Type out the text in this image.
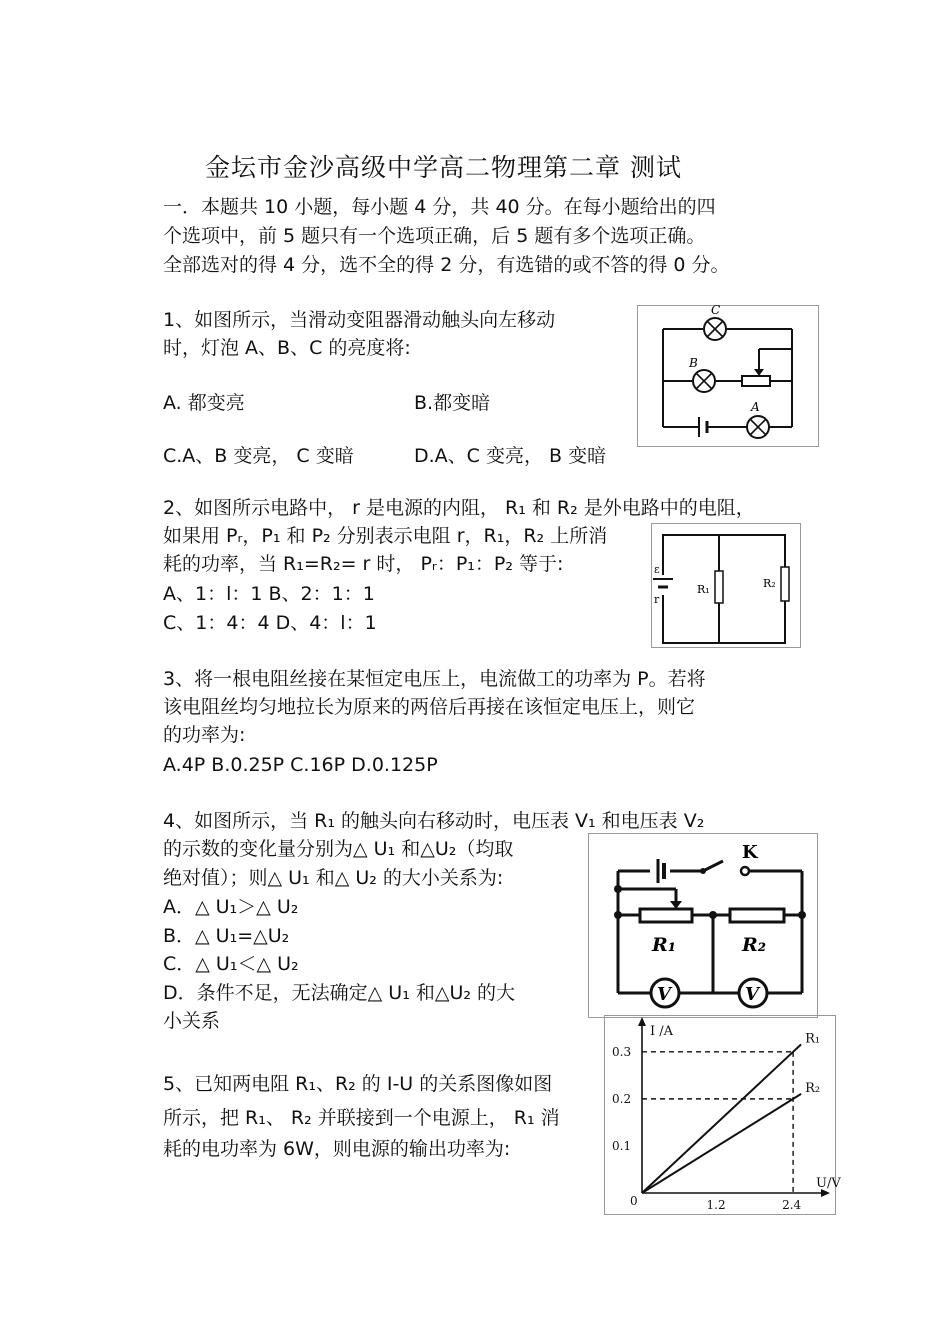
金坛市金沙高级中学高二物理第二章 测试
一．本题共 10 小题，每小题 4 分，共 40 分。在每小题给出的四
个选项中，前 5 题只有一个选项正确，后 5 题有多个选项正确。
全部选对的得 4 分，选不全的得 2 分，有选错的或不答的得 0 分。
1、如图所示，当滑动变阻器滑动触头向左移动
时，灯泡 A、B、C 的亮度将:
A. 都变亮	B.都变暗
C.A、B 变亮， C 变暗	D.A、C 变亮， B 变暗
C
B
A
2、如图所示电路中， r 是电源的内阻， R₁ 和 R₂ 是外电路中的电阻，
如果用 Pᵣ，P₁ 和 P₂ 分别表示电阻 r，R₁，R₂ 上所消
耗的功率，当 R₁=R₂= r 时， Pᵣ：P₁：P₂ 等于:
A、1：l：1 B、2：1：1
C、1：4：4 D、4：l：1
ε
r
R₁	R₂
3、将一根电阻丝接在某恒定电压上，电流做工的功率为 P。若将
该电阻丝均匀地拉长为原来的两倍后再接在该恒定电压上，则它
的功率为:
A.4P B.0.25P C.16P D.0.125P
4、如图所示，当 R₁ 的触头向右移动时，电压表 V₁ 和电压表 V₂
的示数的变化量分别为△ U₁ 和△U₂（均取
绝对值）；则△ U₁ 和△ U₂ 的大小关系为:
A．△ U₁＞△ U₂
B．△ U₁=△U₂
C．△ U₁＜△ U₂
D．条件不足，无法确定△ U₁ 和△U₂ 的大
小关系
V	V
K
R₁	R₂
5、已知两电阻 R₁、R₂ 的 I-U 的关系图像如图
所示，把 R₁、 R₂ 并联接到一个电源上， R₁ 消
耗的电功率为 6W，则电源的输出功率为:
R₁
R₂
0.1
0.2
0.3
1.2	2.4
0
I /A
U/V
